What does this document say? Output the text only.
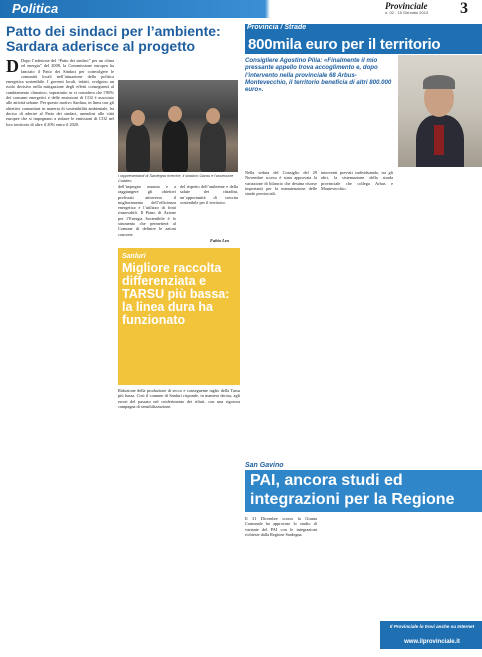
Politica	Provinciale
n. 02 - 15 Gennaio 2013 3
Patto dei sindaci per l’ambiente: Sardara aderisce al progetto
D Dopo l’adesione del “Patto dei sindaci” per un clima ed energia” del 2008, la Commissione europea ha lanciato il Patto dei Sindaci per coinvolgere le comunità locali nell’attuazione della politica energetica sostenibile. I governi locali, infatti, svolgono un ruolo decisivo nella mitigazione degli effetti conseguenti al cambiamento climatico, soprattutto se si considera che l’80% dei consumi energetici e delle emissioni di CO2 è associato alle attività urbane. Per questo motivo Sardara, in linea con gli obiettivi comunitari in materia di sostenibilità ambientale, ha deciso di aderire al Patto dei sindaci, unendosi alle città europee che si impegnano a ridurre le emissioni di CO2 nel loro territorio di oltre il 20% entro il 2020.
I rappresentanti di Sardegna ricerche, il sindaco Garau e l’assessore Caddeo.
dell’impegno assunto e a raggiungere gli obiettivi prefissati attraverso il miglioramento dell’efficienza energetica e l’utilizzo di fonti rinnovabili. Il Piano di Azione per l’Energia Sostenibile è lo strumento che permetterà al Comune di definire le azioni concrete.
del rispetto dell’ambiente e della salute dei cittadini, un’opportunità di crescita sostenibile per il territorio.
Fabio Leo
Sanluri
Migliore raccolta differenziata e TARSU più bassa: la linea dura ha funzionato
Riduzione della produzione di secco e conseguente taglio della Tarsu più bassa. Così il comune di Sanluri risponde, in maniera decisa, agli errori del passato nel conferimento dei rifiuti, con una rigorosa campagna di sensibilizzazione.
Provincia / Strade
800mila euro per il territorio
Consigliere Agostino Pilia: «Finalmente il mio pressante appello trova accoglimento e, dopo l’intervento nella provinciale 68 Arbus-Montevecchio, il territorio beneficia di altri 800.000 euro».
Nella seduta del Consiglio del 29 Novembre scorso è stata approvata la variazione di bilancio che destina risorse importanti per la manutenzione delle strade provinciali.
interventi previsti individuando, tra gli altri, la sistemazione della strada provinciale che collega Arbus e Montevecchio.
San Gavino
PAI, ancora studi ed integrazioni per la Regione
Il 31 Dicembre scorso la Giunta Comunale ha approvato lo studio di variante del PAI con le integrazioni richieste dalla Regione Sardegna.
Il Provinciale lo trovi anche su Internet
www.ilprovinciale.it
